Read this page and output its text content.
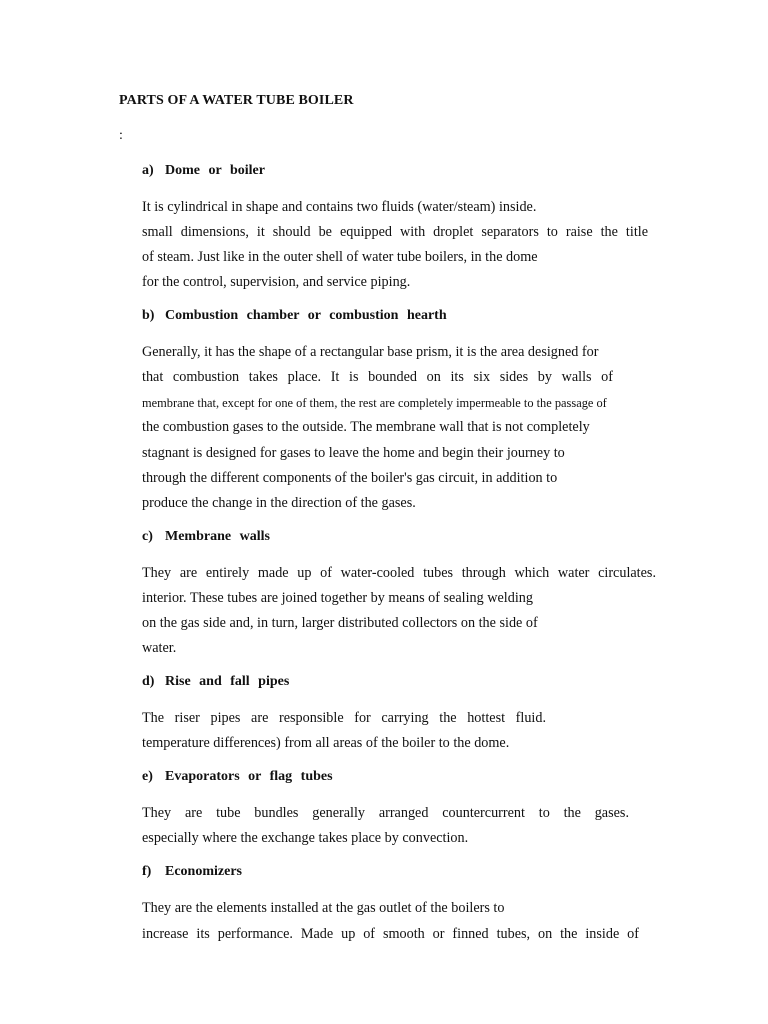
PARTS OF A WATER TUBE BOILER
:
a) Dome or boiler
It is cylindrical in shape and contains two fluids (water/steam) inside.
small dimensions, it should be equipped with droplet separators to raise the title
of steam. Just like in the outer shell of water tube boilers, in the dome
for the control, supervision, and service piping.
b) Combustion chamber or combustion hearth
Generally, it has the shape of a rectangular base prism, it is the area designed for
that combustion takes place. It is bounded on its six sides by walls of
membrane that, except for one of them, the rest are completely impermeable to the passage of
the combustion gases to the outside. The membrane wall that is not completely
stagnant is designed for gases to leave the home and begin their journey to
through the different components of the boiler's gas circuit, in addition to
produce the change in the direction of the gases.
c) Membrane walls
They are entirely made up of water-cooled tubes through which water circulates.
interior. These tubes are joined together by means of sealing welding
on the gas side and, in turn, larger distributed collectors on the side of
water.
d) Rise and fall pipes
The riser pipes are responsible for carrying the hottest fluid.
temperature differences) from all areas of the boiler to the dome.
e) Evaporators or flag tubes
They are tube bundles generally arranged countercurrent to the gases.
especially where the exchange takes place by convection.
f) Economizers
They are the elements installed at the gas outlet of the boilers to
increase its performance. Made up of smooth or finned tubes, on the inside of
